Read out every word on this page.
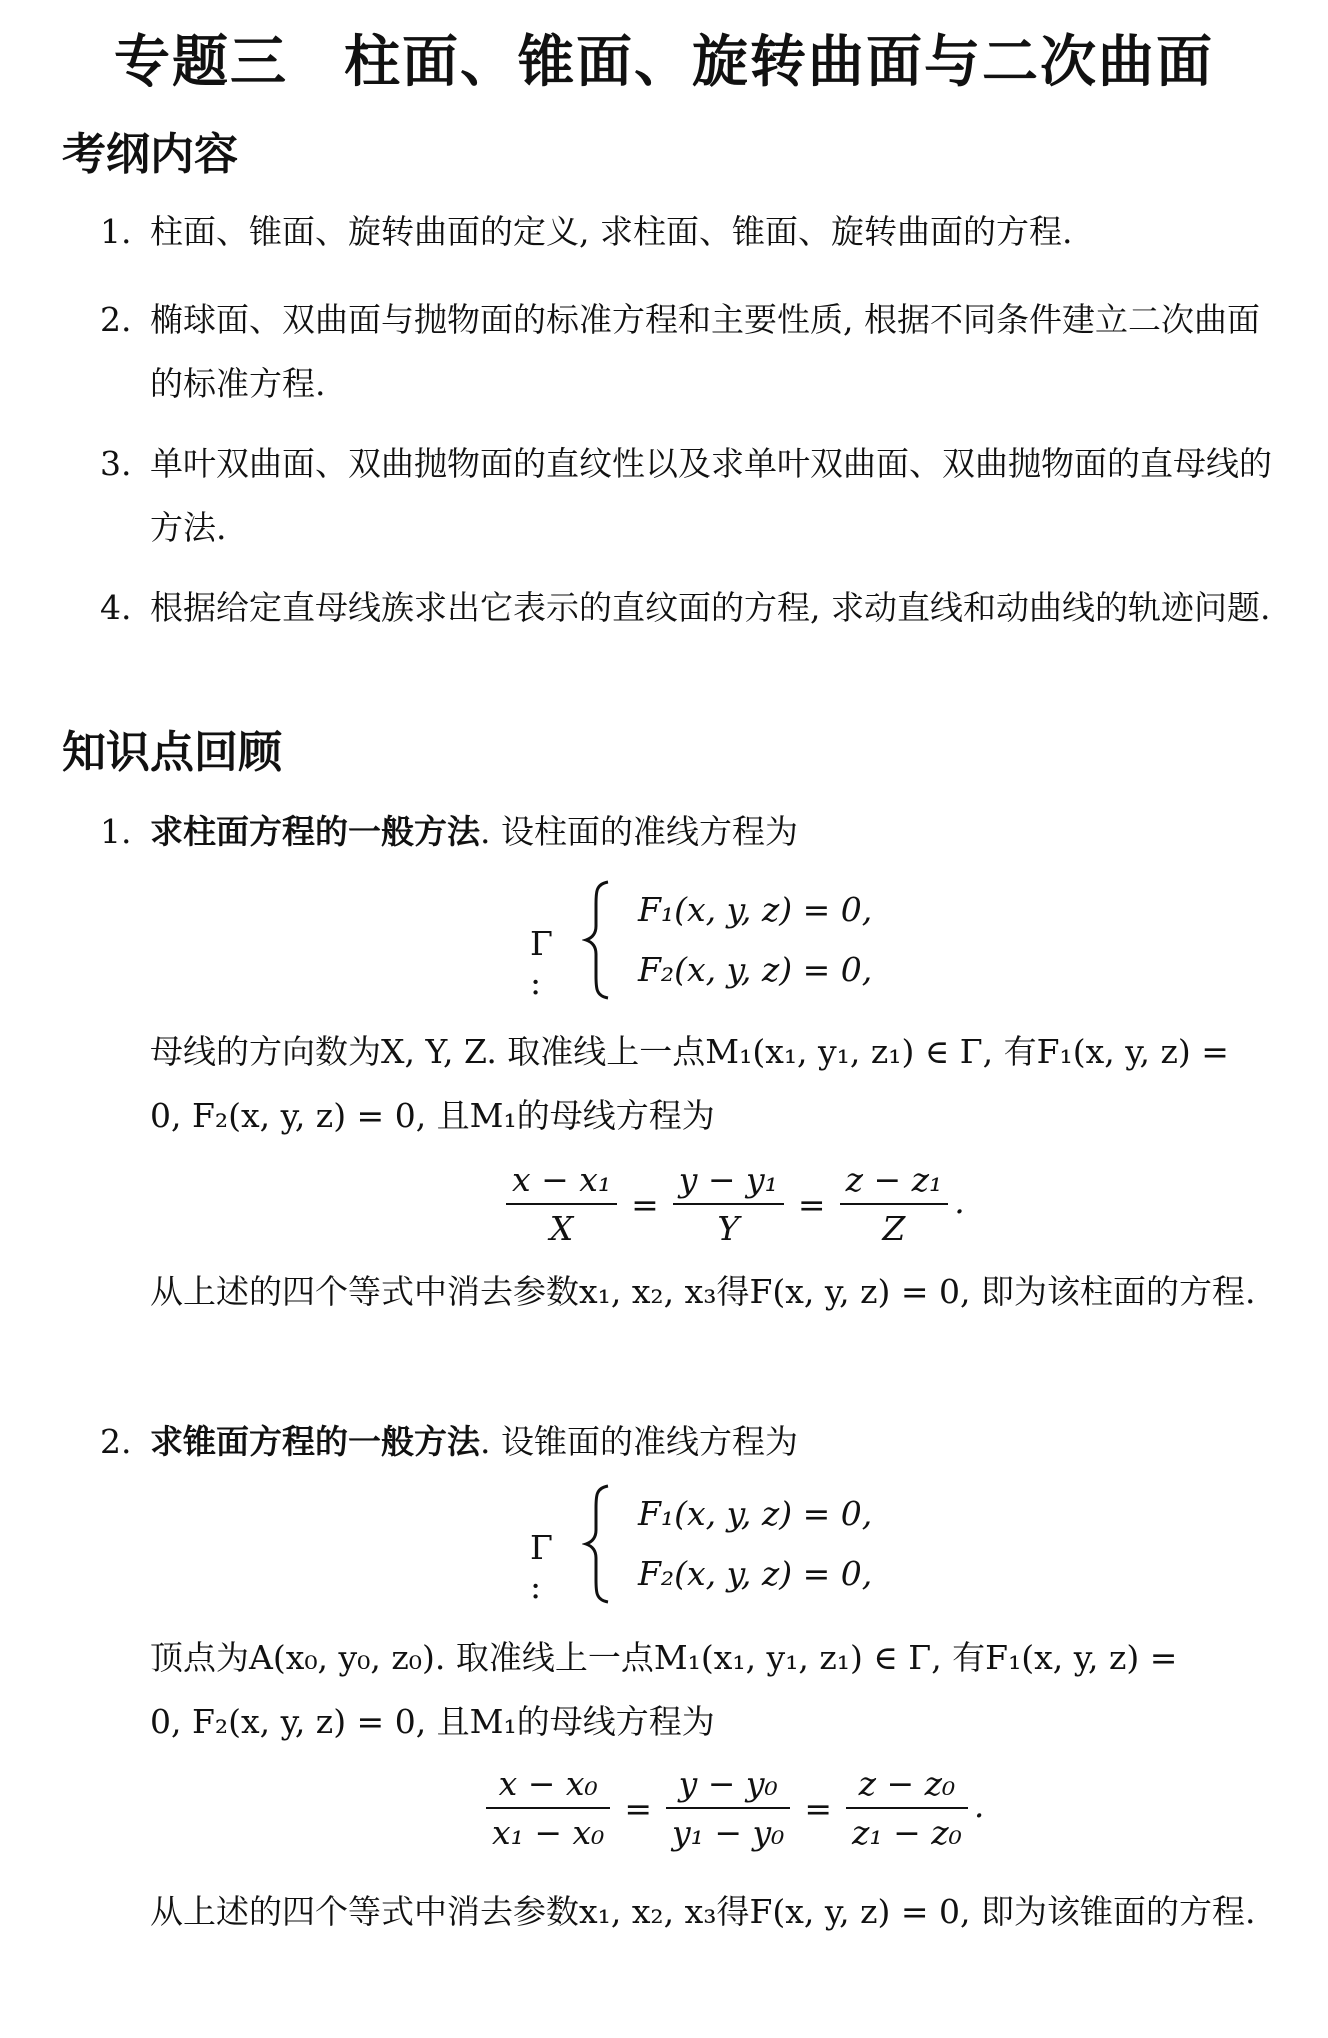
专题三 柱面、锥面、旋转曲面与二次曲面
考纲内容
1. 柱面、锥面、旋转曲面的定义, 求柱面、锥面、旋转曲面的方程.
2. 椭球面、双曲面与抛物面的标准方程和主要性质, 根据不同条件建立二次曲面的标准方程.
3. 单叶双曲面、双曲抛物面的直纹性以及求单叶双曲面、双曲抛物面的直母线的方法.
4. 根据给定直母线族求出它表示的直纹面的方程, 求动直线和动曲线的轨迹问题.
知识点回顾
1. 求柱面方程的一般方法. 设柱面的准线方程为
Γ :
F₁(x, y, z) = 0,
F₂(x, y, z) = 0,

母线的方向数为X, Y, Z. 取准线上一点M₁(x₁, y₁, z₁) ∈ Γ, 有F₁(x, y, z) =

0, F₂(x, y, z) = 0, 且M₁的母线方程为

$\frac{\text{x − x₁}}{X} = \frac{\text{y − y₁}}{Y} = \frac{\text{z − z₁}}{Z}$ .

从上述的四个等式中消去参数x₁, x₂, x₃得F(x, y, z) = 0, 即为该柱面的方程.

2. 求锥面方程的一般方法. 设锥面的准线方程为
Γ :
F₁(x, y, z) = 0,
F₂(x, y, z) = 0,

顶点为A(x₀, y₀, z₀). 取准线上一点M₁(x₁, y₁, z₁) ∈ Γ, 有F₁(x, y, z) =

0, F₂(x, y, z) = 0, 且M₁的母线方程为

$\frac{\text{x − x₀}}{\text{x₁ − x₀}} = \frac{\text{y − y₀}}{\text{y₁ − y₀}} = \frac{\text{z − z₀}}{\text{z₁ − z₀}}$ .

从上述的四个等式中消去参数x₁, x₂, x₃得F(x, y, z) = 0, 即为该锥面的方程.
